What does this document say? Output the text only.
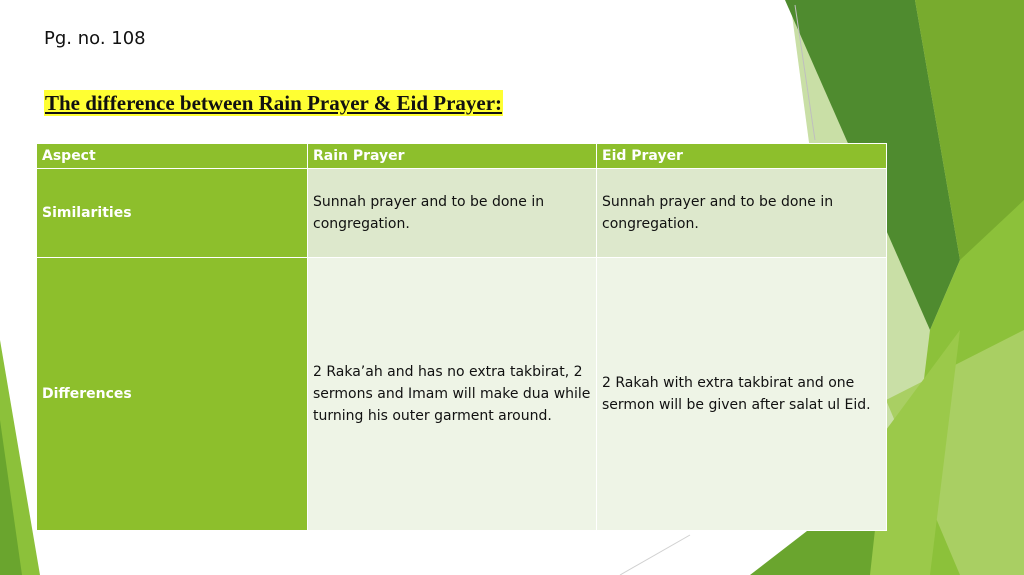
Pg. no. 108
The difference between Rain Prayer & Eid Prayer:
Aspect	Rain Prayer	Eid Prayer
Similarities	Sunnah prayer and to be done in congregation.	Sunnah prayer and to be done in congregation.
Differences	2 Raka’ah and has no extra takbirat, 2 sermons and Imam will make dua while turning his outer garment around.	2 Rakah with extra takbirat and one sermon will be given after salat ul Eid.
